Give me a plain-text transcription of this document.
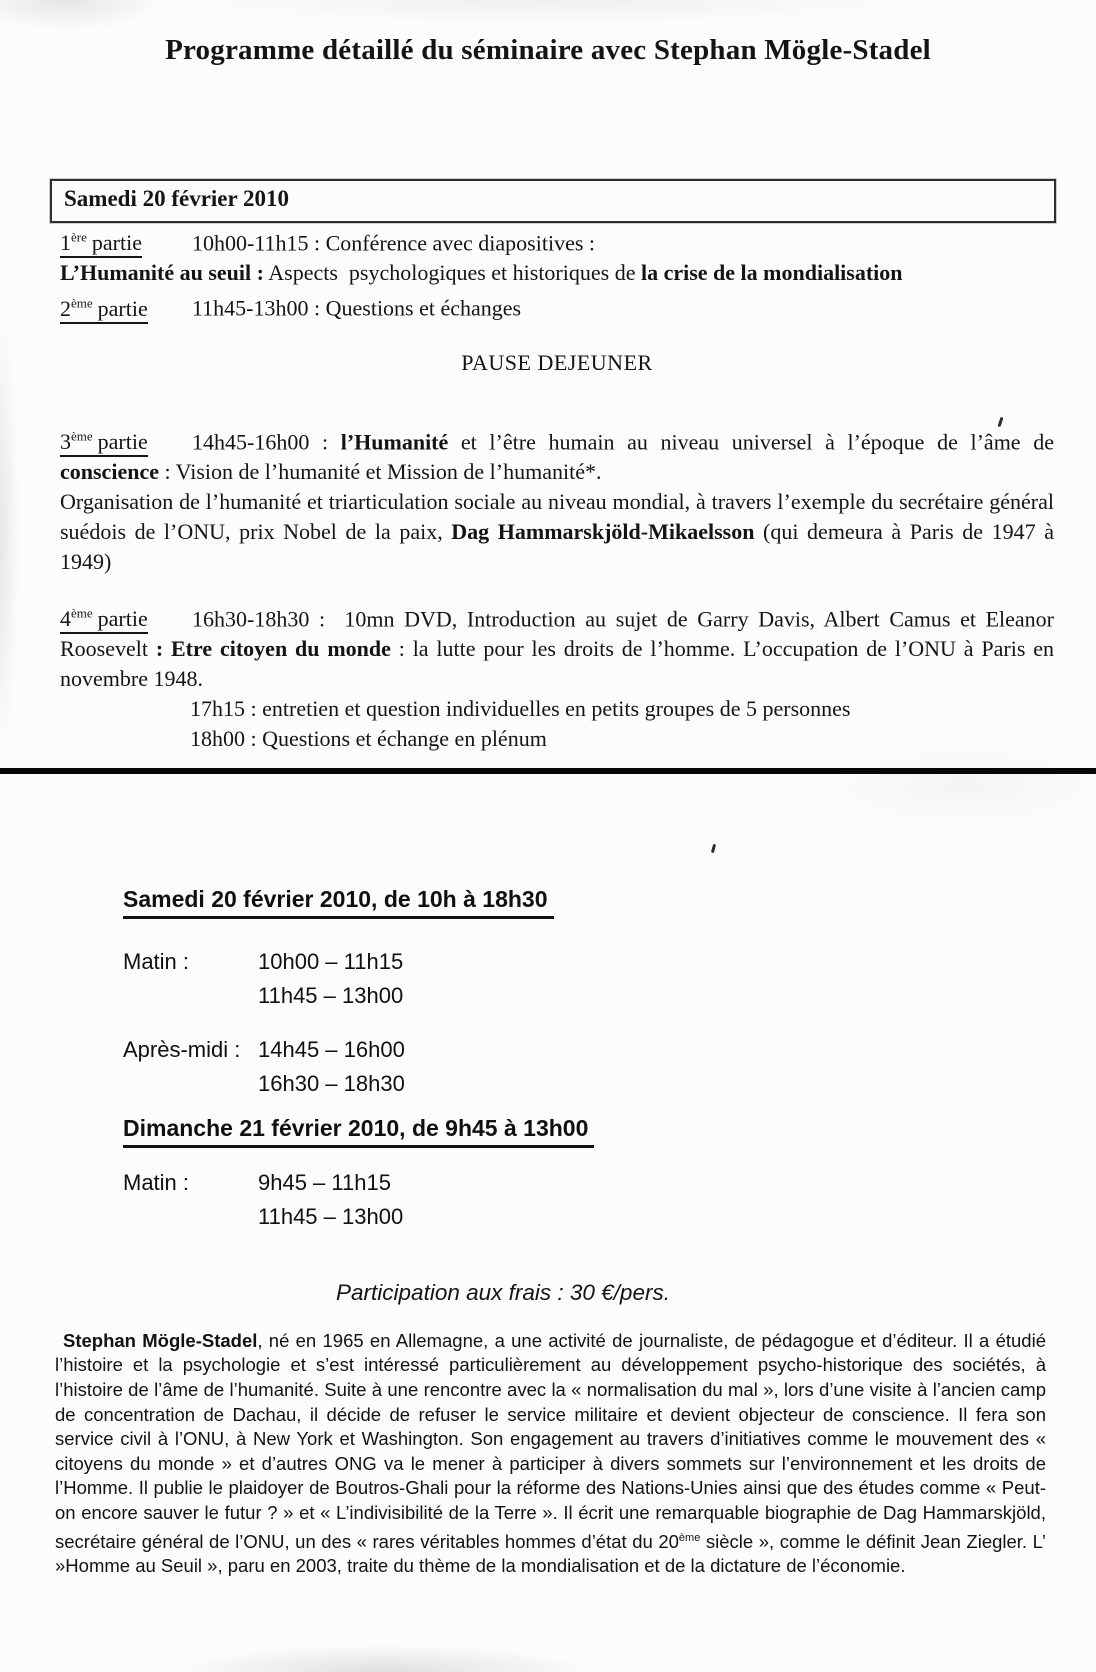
Programme détaillé du séminaire avec Stephan Mögle-Stadel
Samedi 20 février 2010

1ère partie 10h00-11h15 : Conférence avec diapositives :

L’Humanité au seuil : Aspects  psychologiques et historiques de la crise de la mondialisation

2ème partie 11h45-13h00 : Questions et échanges

PAUSE DEJEUNER

3ème partie 14h45-16h00 : l’Humanité et l’être humain au niveau universel à l’époque de l’âme de conscience : Vision de l’humanité et Mission de l’humanité*.

Organisation de l’humanité et triarticulation sociale au niveau mondial, à travers l’exemple du secrétaire général suédois de l’ONU, prix Nobel de la paix, Dag Hammarskjöld-Mikaelsson (qui demeura à Paris de 1947 à 1949)

4ème partie 16h30-18h30 :  10mn DVD, Introduction au sujet de Garry Davis, Albert Camus et Eleanor Roosevelt : Etre citoyen du monde : la lutte pour les droits de l’homme. L’occupation de l’ONU à Paris en novembre 1948.

17h15 : entretien et question individuelles en petits groupes de 5 personnes

18h00 : Questions et échange en plénum

Samedi 20 février 2010, de 10h à 18h30
Matin :	10h00 – 11h15
11h45 – 13h00
Après-midi : 14h45 – 16h00
16h30 – 18h30
Dimanche 21 février 2010, de 9h45 à 13h00
Matin :	9h45 – 11h15
11h45 – 13h00

Participation aux frais : 30 €/pers.

Stephan Mögle-Stadel, né en 1965 en Allemagne, a une activité de journaliste, de pédagogue et d’éditeur. Il a étudié l’histoire et la psychologie et s’est intéressé particulièrement au développement psycho-historique des sociétés, à l’histoire de l’âme de l’humanité. Suite à une rencontre avec la « normalisation du mal », lors d’une visite à l’ancien camp de concentration de Dachau, il décide de refuser le service militaire et devient objecteur de conscience. Il fera son service civil à l’ONU, à New York et Washington. Son engagement au travers d’initiatives comme le mouvement des « citoyens du monde » et d’autres ONG va le mener à participer à divers sommets sur l’environnement et les droits de l’Homme. Il publie le plaidoyer de Boutros-Ghali pour la réforme des Nations-Unies ainsi que des études comme « Peut-on encore sauver le futur ? » et « L’indivisibilité de la Terre ». Il écrit une remarquable biographie de Dag Hammarskjöld, secrétaire général de l’ONU, un des « rares véritables hommes d’état du 20ème siècle », comme le définit Jean Ziegler. L’ »Homme au Seuil », paru en 2003, traite du thème de la mondialisation et de la dictature de l’économie.
